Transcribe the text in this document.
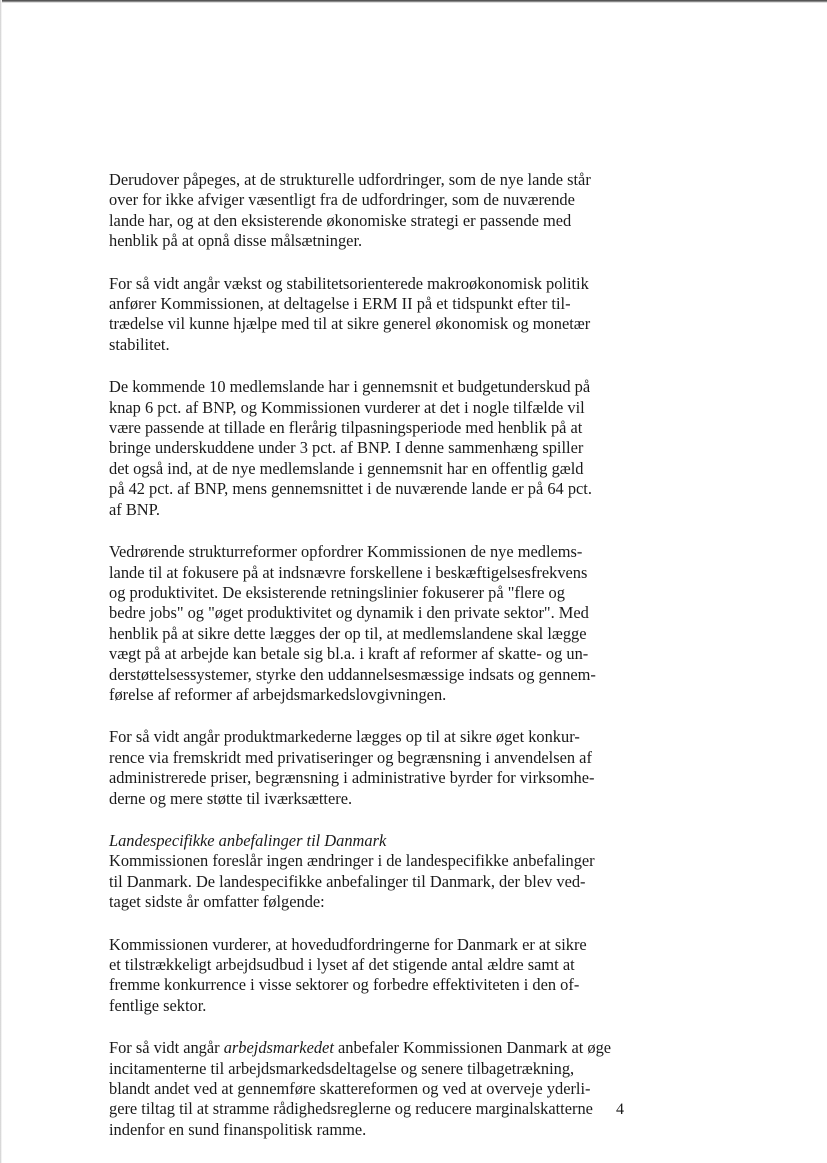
Derudover påpeges, at de strukturelle udfordringer, som de nye lande står
over for ikke afviger væsentligt fra de udfordringer, som de nuværende
lande har, og at den eksisterende økonomiske strategi er passende med
henblik på at opnå disse målsætninger.

For så vidt angår vækst og stabilitetsorienterede makroøkonomisk politik
anfører Kommissionen, at deltagelse i ERM II på et tidspunkt efter til-
trædelse vil kunne hjælpe med til at sikre generel økonomisk og monetær
stabilitet.

De kommende 10 medlemslande har i gennemsnit et budgetunderskud på
knap 6 pct. af BNP, og Kommissionen vurderer at det i nogle tilfælde vil
være passende at tillade en flerårig tilpasningsperiode med henblik på at
bringe underskuddene under 3 pct. af BNP. I denne sammenhæng spiller
det også ind, at de nye medlemslande i gennemsnit har en offentlig gæld
på 42 pct. af BNP, mens gennemsnittet i de nuværende lande er på 64 pct.
af BNP.

Vedrørende strukturreformer opfordrer Kommissionen de nye medlems-
lande til at fokusere på at indsnævre forskellene i beskæftigelsesfrekvens
og produktivitet. De eksisterende retningslinier fokuserer på "flere og
bedre jobs" og "øget produktivitet og dynamik i den private sektor". Med
henblik på at sikre dette lægges der op til, at medlemslandene skal lægge
vægt på at arbejde kan betale sig bl.a. i kraft af reformer af skatte- og un-
derstøttelsessystemer, styrke den uddannelsesmæssige indsats og gennem-
førelse af reformer af arbejdsmarkedslovgivningen.

For så vidt angår produktmarkederne lægges op til at sikre øget konkur-
rence via fremskridt med privatiseringer og begrænsning i anvendelsen af
administrerede priser, begrænsning i administrative byrder for virksomhe-
derne og mere støtte til iværksættere.

Landespecifikke anbefalinger til Danmark
Kommissionen foreslår ingen ændringer i de landespecifikke anbefalinger
til Danmark. De landespecifikke anbefalinger til Danmark, der blev ved-
taget sidste år omfatter følgende:

Kommissionen vurderer, at hovedudfordringerne for Danmark er at sikre
et tilstrækkeligt arbejdsudbud i lyset af det stigende antal ældre samt at
fremme konkurrence i visse sektorer og forbedre effektiviteten i den of-
fentlige sektor.

For så vidt angår arbejdsmarkedet anbefaler Kommissionen Danmark at øge
incitamenterne til arbejdsmarkedsdeltagelse og senere tilbagetrækning,
blandt andet ved at gennemføre skattereformen og ved at overveje yderli-
gere tiltag til at stramme rådighedsreglerne og reducere marginalskatterne
indenfor en sund finanspolitisk ramme.

4
